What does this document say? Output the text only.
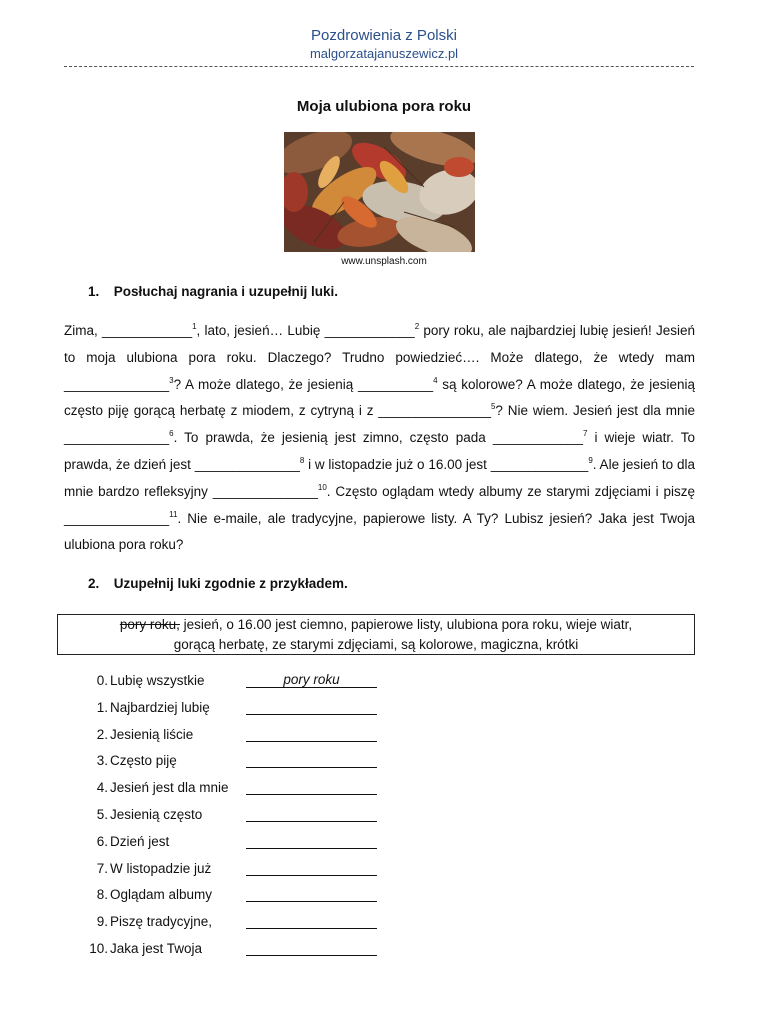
Pozdrowienia z Polski
malgorzatajanuszewicz.pl
Moja ulubiona pora roku
www.unsplash.com
1. Posłuchaj nagrania i uzupełnij luki.
Zima, ____________$^1$, lato, jesień… Lubię ____________$^2$ pory roku, ale najbardziej lubię jesień! Jesień to moja ulubiona pora roku. Dlaczego? Trudno powiedzieć…. Może dlatego, że wtedy mam ______________$^3$? A może dlatego, że jesienią __________$^4$ są kolorowe? A może dlatego, że jesienią często piję gorącą herbatę z miodem, z cytryną i z _______________$^5$? Nie wiem. Jesień jest dla mnie ______________$^6$. To prawda, że jesienią jest zimno, często pada ____________$^7$ i wieje wiatr. To prawda, że dzień jest ______________$^8$ i w listopadzie już o 16.00 jest _____________$^9$. Ale jesień to dla mnie bardzo refleksyjny ______________$^{10}$. Często oglądam wtedy albumy ze starymi zdjęciami i piszę ______________$^{11}$. Nie e-maile, ale tradycyjne, papierowe listy. A Ty? Lubisz jesień? Jaka jest Twoja ulubiona pora roku?
2. Uzupełnij luki zgodnie z przykładem.
pory roku, jesień, o 16.00 jest ciemno, papierowe listy, ulubiona pora roku, wieje wiatr,
gorącą herbatę, ze starymi zdjęciami, są kolorowe, magiczna, krótki
0. Lubię wszystkie	pory roku
1. Najbardziej lubię
2. Jesienią liście
3. Często piję
4. Jesień jest dla mnie
5. Jesienią często
6. Dzień jest
7. W listopadzie już
8. Oglądam albumy
9. Piszę tradycyjne,
10. Jaka jest Twoja
